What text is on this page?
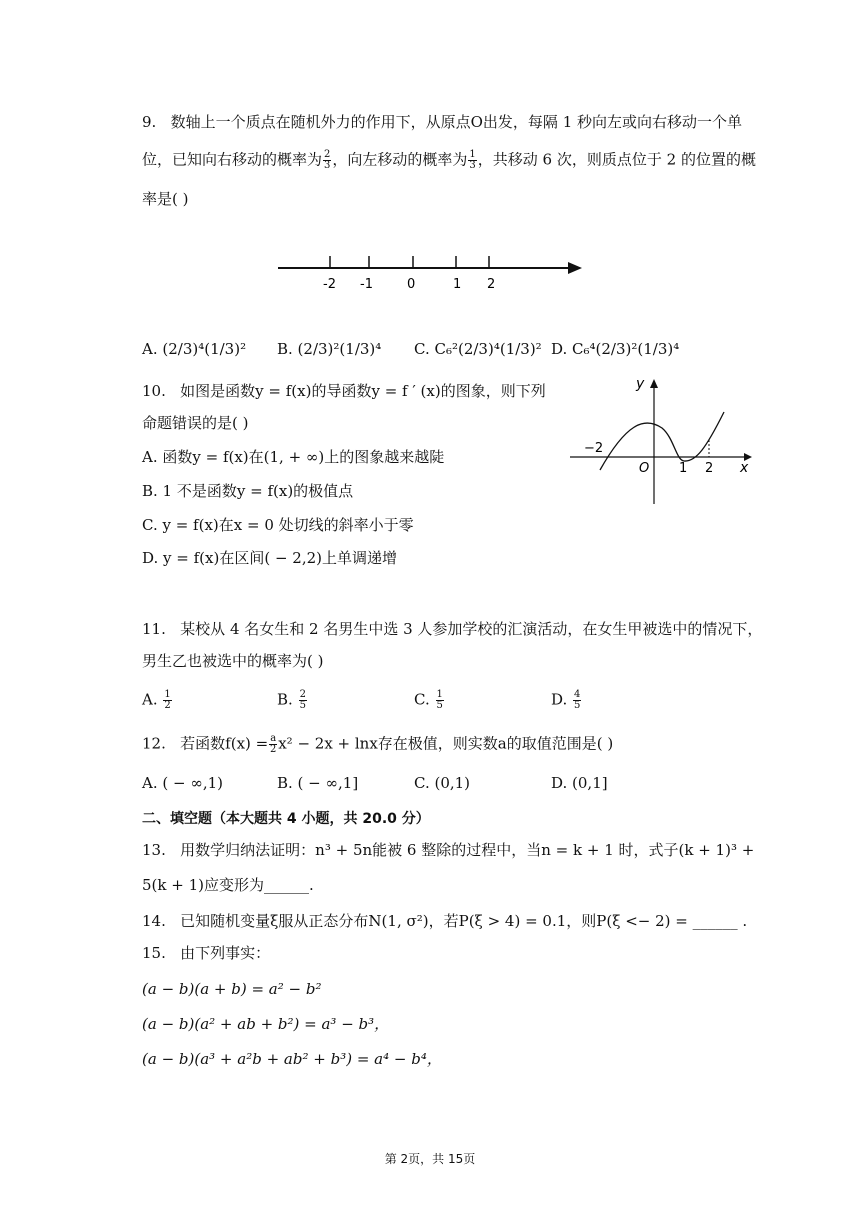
9. 数轴上一个质点在随机外力的作用下，从原点O出发，每隔 1 秒向左或向右移动一个单
位，已知向右移动的概率为 $\frac{2}{3}$ ，向左移动的概率为 $\frac{1}{3}$ ，共移动 6 次，则质点位于 2 的位置的概
率是( )
-2 -1	0	1 2
A. (2/3)⁴(1/3)² B. (2/3)²(1/3)⁴ C. C₆²(2/3)⁴(1/3)² D. C₆⁴(2/3)²(1/3)⁴
10. 如图是函数y = f(x)的导函数y = f ′ (x)的图象，则下列
命题错误的是( )
A. 函数y = f(x)在(1, + ∞)上的图象越来越陡
B. 1 不是函数y = f(x)的极值点
C. y = f(x)在x = 0 处切线的斜率小于零
D. y = f(x)在区间( − 2,2)上单调递增
y
x
O
−2
1 2
11. 某校从 4 名女生和 2 名男生中选 3 人参加学校的汇演活动，在女生甲被选中的情况下，
男生乙也被选中的概率为( )
A. $\frac{1}{2}$	B. $\frac{2}{5}$	C. $\frac{1}{5}$	D. $\frac{4}{5}$
12. 若函数$f(x) = \frac{a}{2} x^2 - 2x + \ln x$存在极值，则实数a的取值范围是( )
A. ( − ∞,1)	B. ( − ∞,1]	C. (0,1)	D. (0,1]
二、填空题（本大题共 4 小题，共 20.0 分）
13. 用数学归纳法证明：n³ + 5n能被 6 整除的过程中，当n = k + 1 时，式子(k + 1)³ +
5(k + 1)应变形为______.
14. 已知随机变量ξ服从正态分布N(1, σ²)，若P(ξ > 4) = 0.1，则P(ξ <− 2) = ______ .
15. 由下列事实：
(a − b)(a + b) = a² − b²
(a − b)(a² + ab + b²) = a³ − b³，
(a − b)(a³ + a²b + ab² + b³) = a⁴ − b⁴，
第 2页，共 15页
